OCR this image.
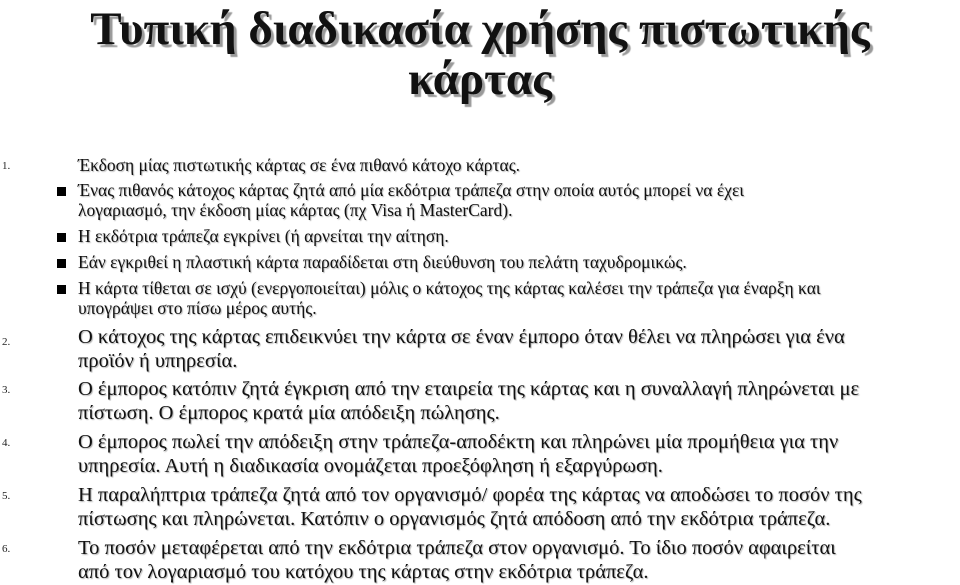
Τυπική διαδικασία χρήσης πιστωτικής
κάρτας
1.	Έκδοση μίας πιστωτικής κάρτας σε ένα πιθανό κάτοχο κάρτας.
Ένας πιθανός κάτοχος κάρτας ζητά από μία εκδότρια τράπεζα στην οποία αυτός μπορεί να έχει
λογαριασμό, την έκδοση μίας κάρτας (πχ Visa ή MasterCard).
Η εκδότρια τράπεζα εγκρίνει (ή αρνείται την αίτηση.
Εάν εγκριθεί η πλαστική κάρτα παραδίδεται στη διεύθυνση του πελάτη ταχυδρομικώς.
Η κάρτα τίθεται σε ισχύ (ενεργοποιείται) μόλις ο κάτοχος της κάρτας καλέσει την τράπεζα για έναρξη και
υπογράψει στο πίσω μέρος αυτής.
2.	Ο κάτοχος της κάρτας επιδεικνύει την κάρτα σε έναν έμπορο όταν θέλει να πληρώσει για ένα
προϊόν ή υπηρεσία.
3.	Ο έμπορος κατόπιν ζητά έγκριση από την εταιρεία της κάρτας και η συναλλαγή πληρώνεται με
πίστωση. Ο έμπορος κρατά μία απόδειξη πώλησης.
4.	Ο έμπορος πωλεί την απόδειξη στην τράπεζα-αποδέκτη και πληρώνει μία προμήθεια για την
υπηρεσία. Αυτή η διαδικασία ονομάζεται προεξόφληση ή εξαργύρωση.
5.	Η παραλήπτρια τράπεζα ζητά από τον οργανισμό/ φορέα της κάρτας να αποδώσει το ποσόν της
πίστωσης και πληρώνεται. Κατόπιν ο οργανισμός ζητά απόδοση από την εκδότρια τράπεζα.
6.	Το ποσόν μεταφέρεται από την εκδότρια τράπεζα στον οργανισμό. Το ίδιο ποσόν αφαιρείται
από τον λογαριασμό του κατόχου της κάρτας στην εκδότρια τράπεζα.
